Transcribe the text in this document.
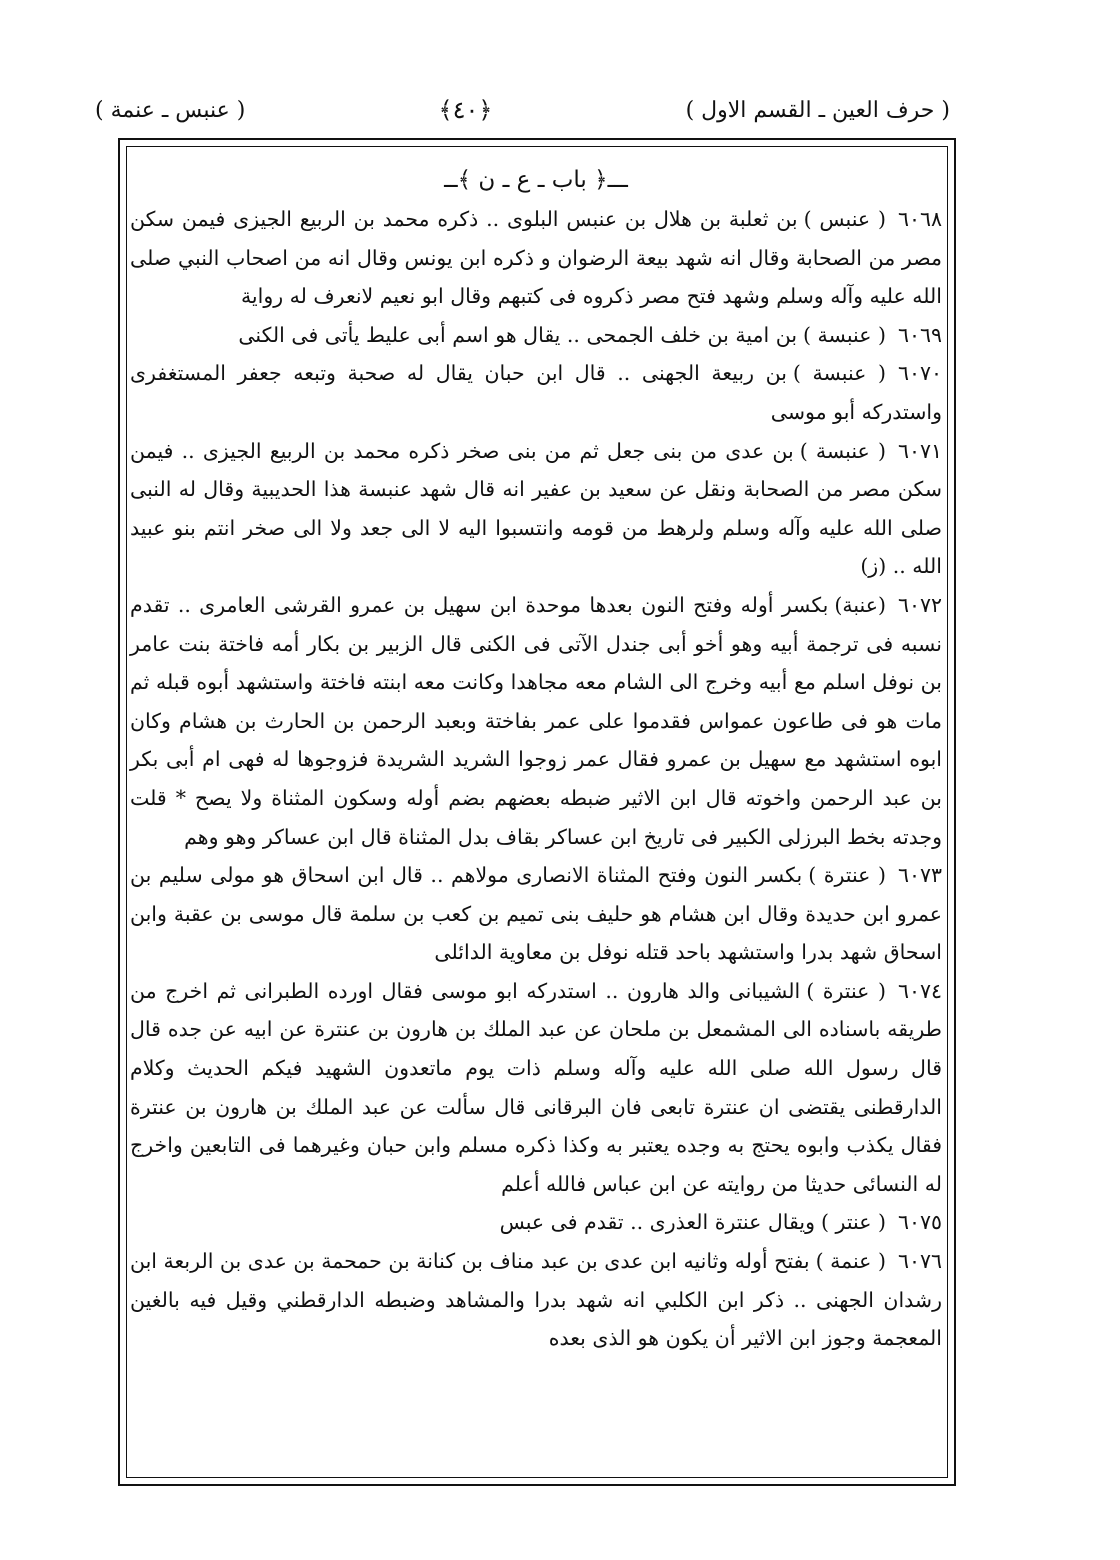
( حرف العين ـ القسم الاول )
﴿٤٠﴾
( عنبس ـ عنمة )

ـــ﴿ باب ـ ع ـ ن ﴾ــ

٦٠٦٨( عنبس )بن ثعلبة بن هلال بن عنبس البلوى .. ذكره محمد بن الربيع الجيزى فيمن سكن مصر من الصحابة وقال انه شهد بيعة الرضوان و ذكره ابن يونس وقال انه من اصحاب النبي صلى الله عليه وآله وسلم وشهد فتح مصر ذكروه فى كتبهم وقال ابو نعيم لانعرف له رواية

٦٠٦٩( عنبسة )بن امية بن خلف الجمحى .. يقال هو اسم أبى عليط يأتى فى الكنى

٦٠٧٠( عنبسة )بن ربيعة الجهنى .. قال ابن حبان يقال له صحبة وتبعه جعفر المستغفرى واستدركه أبو موسى

٦٠٧١( عنبسة )بن عدى من بنى جعل ثم من بنى صخر ذكره محمد بن الربيع الجيزى .. فيمن سكن مصر من الصحابة ونقل عن سعيد بن عفير انه قال شهد عنبسة هذا الحديبية وقال له النبى صلى الله عليه وآله وسلم ولرهط من قومه وانتسبوا اليه لا الى جعد ولا الى صخر انتم بنو عبيد الله .. (ز)

٦٠٧٢(عنبة)بكسر أوله وفتح النون بعدها موحدة ابن سهيل بن عمرو القرشى العامرى .. تقدم نسبه فى ترجمة أبيه وهو أخو أبى جندل الآتى فى الكنى قال الزبير بن بكار أمه فاختة بنت عامر بن نوفل اسلم مع أبيه وخرج الى الشام معه مجاهدا وكانت معه ابنته فاختة واستشهد أبوه قبله ثم مات هو فى طاعون عمواس فقدموا على عمر بفاختة وبعبد الرحمن بن الحارث بن هشام وكان ابوه استشهد مع سهيل بن عمرو فقال عمر زوجوا الشريد الشريدة فزوجوها له فهى ام أبى بكر بن عبد الرحمن واخوته قال ابن الاثير ضبطه بعضهم بضم أوله وسكون المثناة ولا يصح * قلت وجدته بخط البرزلى الكبير فى تاريخ ابن عساكر بقاف بدل المثناة قال ابن عساكر وهو وهم

٦٠٧٣( عنترة )بكسر النون وفتح المثناة الانصارى مولاهم .. قال ابن اسحاق هو مولى سليم بن عمرو ابن حديدة وقال ابن هشام هو حليف بنى تميم بن كعب بن سلمة قال موسى بن عقبة وابن اسحاق شهد بدرا واستشهد باحد قتله نوفل بن معاوية الدائلى

٦٠٧٤( عنترة )الشيبانى والد هارون .. استدركه ابو موسى فقال اورده الطبرانى ثم اخرج من طريقه باسناده الى المشمعل بن ملحان عن عبد الملك بن هارون بن عنترة عن ابيه عن جده قال قال رسول الله صلى الله عليه وآله وسلم ذات يوم ماتعدون الشهيد فيكم الحديث وكلام الدارقطنى يقتضى ان عنترة تابعى فان البرقانى قال سألت عن عبد الملك بن هارون بن عنترة فقال يكذب وابوه يحتج به وجده يعتبر به وكذا ذكره مسلم وابن حبان وغيرهما فى التابعين واخرج له النسائى حديثا من روايته عن ابن عباس فالله أعلم

٦٠٧٥( عنتر )ويقال عنترة العذرى .. تقدم فى عبس

٦٠٧٦( عنمة )بفتح أوله وثانيه ابن عدى بن عبد مناف بن كنانة بن حمحمة بن عدى بن الربعة ابن رشدان الجهنى .. ذكر ابن الكلبي انه شهد بدرا والمشاهد وضبطه الدارقطني وقيل فيه بالغين المعجمة وجوز ابن الاثير أن يكون هو الذى بعده
